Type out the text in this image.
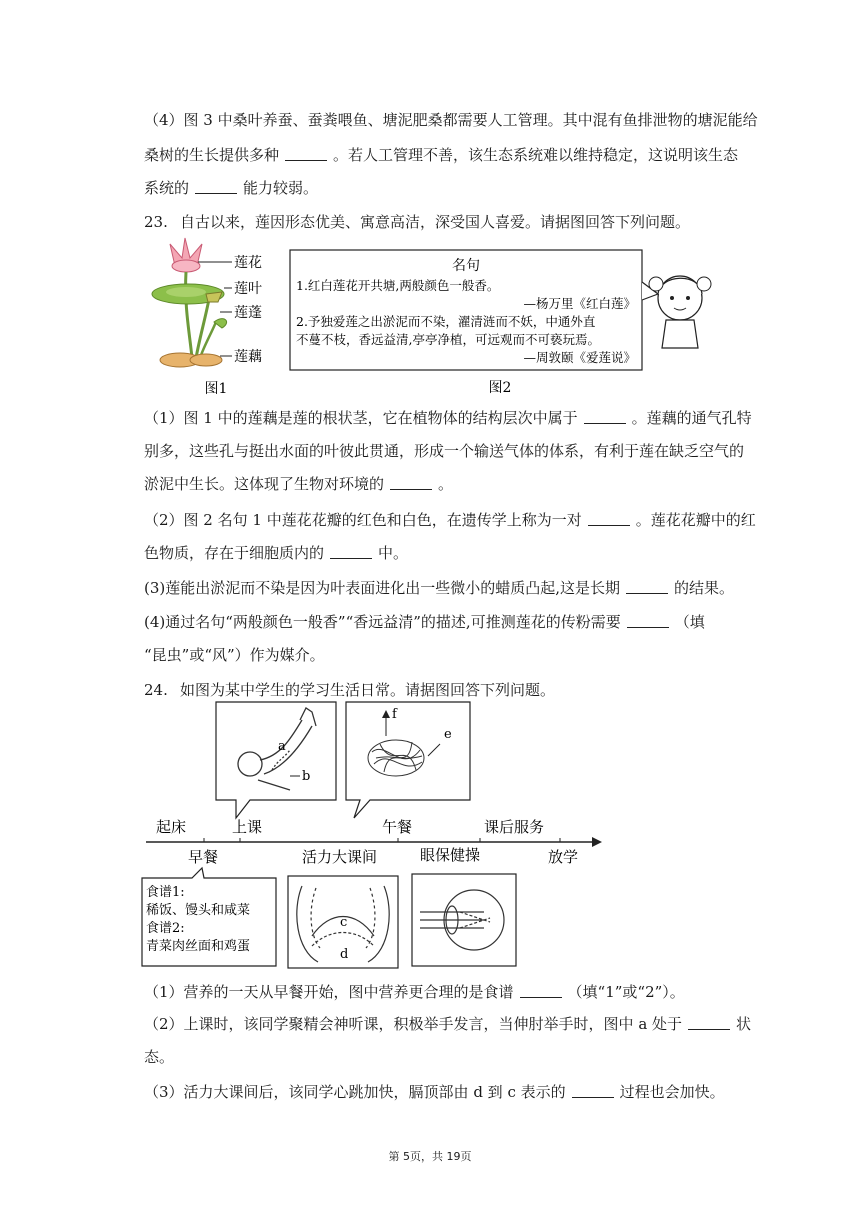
（4）图 3 中桑叶养蚕、蚕粪喂鱼、塘泥肥桑都需要人工管理。其中混有鱼排泄物的塘泥能给
桑树的生长提供多种	。若人工管理不善，该生态系统难以维持稳定，这说明该生态
系统的	能力较弱。
23. 自古以来，莲因形态优美、寓意高洁，深受国人喜爱。请据图回答下列问题。
莲花
莲叶
莲蓬
莲藕
图1
名句
1.红白莲花开共塘,两般颜色一般香。
—杨万里《红白莲》
2.予独爱莲之出淤泥而不染，濯清涟而不妖，中通外直
不蔓不枝，香远益清,亭亭净植，可远观而不可亵玩焉。
—周敦颐《爱莲说》
图2
（1）图 1 中的莲藕是莲的根状茎，它在植物体的结构层次中属于	。莲藕的通气孔特
别多，这些孔与挺出水面的叶彼此贯通，形成一个输送气体的体系，有利于莲在缺乏空气的
淤泥中生长。这体现了生物对环境的	。
（2）图 2 名句 1 中莲花花瓣的红色和白色，在遗传学上称为一对	。莲花花瓣中的红
色物质，存在于细胞质内的	中。
(3)莲能出淤泥而不染是因为叶表面进化出一些微小的蜡质凸起,这是长期	的结果。
(4)通过名句“两般颜色一般香”“香远益清”的描述,可推测莲花的传粉需要	（填
“昆虫”或“风”）作为媒介。
24. 如图为某中学生的学习生活日常。请据图回答下列问题。
a
b
f
e
起床	上课	午餐	课后服务
早餐	活力大课间	眼保健操	放学
食谱1:
稀饭、馒头和咸菜
食谱2:
青菜肉丝面和鸡蛋
c
d
（1）营养的一天从早餐开始，图中营养更合理的是食谱	（填“1”或“2”）。
（2）上课时，该同学聚精会神听课，积极举手发言，当伸肘举手时，图中 a 处于	状
态。
（3）活力大课间后，该同学心跳加快，膈顶部由 d 到 c 表示的	过程也会加快。
第 5页，共 19页
